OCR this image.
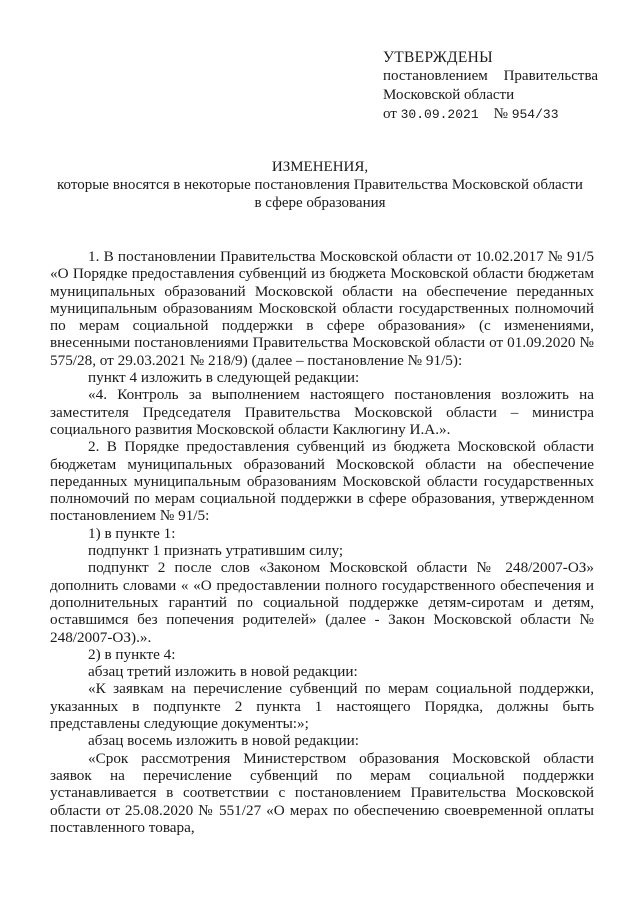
УТВЕРЖДЕНЫ
постановлением Правительства
Московской области
от 30.09.2021 № 954/33
ИЗМЕНЕНИЯ,
которые вносятся в некоторые постановления Правительства Московской области
в сфере образования

1. В постановлении Правительства Московской области от 10.02.2017 № 91/5 «О Порядке предоставления субвенций из бюджета Московской области бюджетам муниципальных образований Московской области на обеспечение переданных муниципальным образованиям Московской области государственных полномочий по мерам социальной поддержки в сфере образования» (с изменениями, внесенными постановлениями Правительства Московской области от 01.09.2020 № 575/28, от 29.03.2021 № 218/9) (далее – постановление № 91/5):

пункт 4 изложить в следующей редакции:

«4. Контроль за выполнением настоящего постановления возложить на заместителя Председателя Правительства Московской области – министра социального развития Московской области Каклюгину И.А.».

2. В Порядке предоставления субвенций из бюджета Московской области бюджетам муниципальных образований Московской области на обеспечение переданных муниципальным образованиям Московской области государственных полномочий по мерам социальной поддержки в сфере образования, утвержденном постановлением № 91/5:

1) в пункте 1:

подпункт 1 признать утратившим силу;

подпункт 2 после слов «Законом Московской области № 248/2007-ОЗ» дополнить словами « «О предоставлении полного государственного обеспечения и дополнительных гарантий по социальной поддержке детям-сиротам и детям, оставшимся без попечения родителей» (далее - Закон Московской области № 248/2007-ОЗ).».

2) в пункте 4:

абзац третий изложить в новой редакции:

«К заявкам на перечисление субвенций по мерам социальной поддержки, указанных в подпункте 2 пункта 1 настоящего Порядка, должны быть представлены следующие документы:»;

абзац восемь изложить в новой редакции:

«Срок рассмотрения Министерством образования Московской области заявок на перечисление субвенций по мерам социальной поддержки устанавливается в соответствии с постановлением Правительства Московской области от 25.08.2020 № 551/27 «О мерах по обеспечению своевременной оплаты поставленного товара,
